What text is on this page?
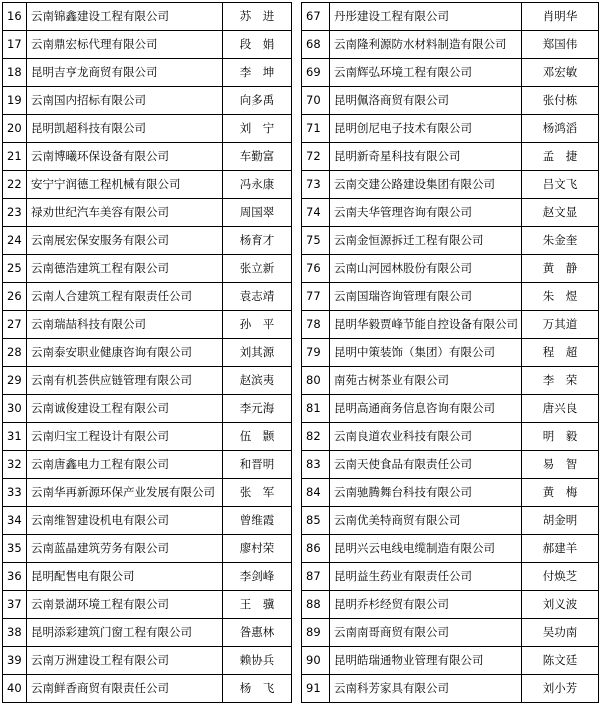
16	云南锦鑫建设工程有限公司	苏　进
17	云南鼎宏标代理有限公司	段　娟
18	昆明吉亨龙商贸有限公司	李　坤
19	云南国内招标有限公司	向多禹
20	昆明凯超科技有限公司	刘　宁
21	云南博曦环保设备有限公司	车勤富
22	安宁宁润德工程机械有限公司	冯永康
23	禄劝世纪汽车美容有限公司	周国翠
24	云南展宏保安服务有限公司	杨育才
25	云南德浩建筑工程有限公司	张立新
26	云南人合建筑工程有限责任公司	袁志靖
27	云南瑞喆科技有限公司	孙　平
28	云南泰安职业健康咨询有限公司	刘其源
29	云南有机荟供应链管理有限公司	赵滨夷
30	云南诚俊建设工程有限公司	李元海
31	云南归宝工程设计有限公司	伍　颢
32	云南唐鑫电力工程有限公司	和晋明
33	云南华再新源环保产业发展有限公司	张　军
34	云南维智建设机电有限公司	曾维霞
35	云南蓝晶建筑劳务有限公司	廖村荣
36	昆明配售电有限公司	李剑峰
37	云南景湖环境工程有限公司	王　骥
38	昆明添彩建筑门窗工程有限公司	昝惠林
39	云南万洲建设工程有限公司	赖协兵
40	云南鲜香商贸有限责任公司	杨　飞
67	丹彤建设工程有限公司	肖明华
68	云南隆利源防水材料制造有限公司	郑国伟
69	云南辉弘环境工程有限公司	邓宏敏
70	昆明佩洛商贸有限公司	张付栋
71	昆明创尼电子技术有限公司	杨鸿滔
72	昆明新奇星科技有限公司	孟　捷
73	云南交建公路建设集团有限公司	吕文飞
74	云南夫华管理咨询有限公司	赵文显
75	云南金恒源拆迁工程有限公司	朱金奎
76	云南山河园林股份有限公司	黄　静
77	云南国瑞咨询管理有限公司	朱　煜
78	昆明华毅贾峰节能自控设备有限公司	万其道
79	昆明中策装饰（集团）有限公司	程　超
80	南苑古树茶业有限公司	李　荣
81	昆明高通商务信息咨询有限公司	唐兴良
82	云南良道农业科技有限公司	明　毅
83	云南天使食品有限责任公司	易　智
84	云南驰腾舞台科技有限公司	黄　梅
85	云南优美特商贸有限公司	胡金明
86	昆明兴云电线电缆制造有限公司	郝建羊
87	昆明益生药业有限责任公司	付焕芝
88	昆明乔杉经贸有限公司	刘义波
89	云南南哥商贸有限公司	吴功南
90	昆明皓瑞通物业管理有限公司	陈文廷
91	云南科芳家具有限公司	刘小芳
